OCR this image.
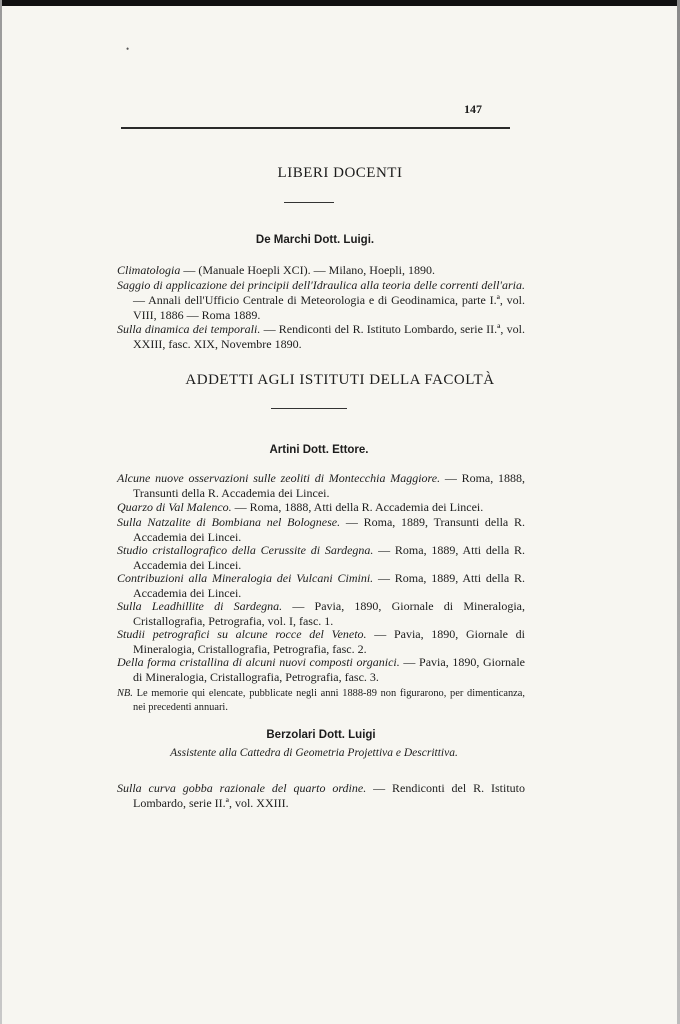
•
147
LIBERI DOCENTI
De Marchi Dott. Luigi.
Climatologia — (Manuale Hoepli XCI). — Milano, Hoepli, 1890.
Saggio di applicazione dei principii dell'Idraulica alla teoria delle correnti dell'aria. — Annali dell'Ufficio Centrale di Meteorologia e di Geodinamica, parte I.ª, vol. VIII, 1886 — Roma 1889.
Sulla dinamica dei temporali. — Rendiconti del R. Istituto Lombardo, serie II.ª, vol. XXIII, fasc. XIX, Novembre 1890.
ADDETTI AGLI ISTITUTI DELLA FACOLTÀ
Artini Dott. Ettore.
Alcune nuove osservazioni sulle zeoliti di Montecchia Maggiore. — Roma, 1888, Transunti della R. Accademia dei Lincei.
Quarzo di Val Malenco. — Roma, 1888, Atti della R. Accademia dei Lincei.
Sulla Natzalite di Bombiana nel Bolognese. — Roma, 1889, Transunti della R. Accademia dei Lincei.
Studio cristallografico della Cerussite di Sardegna. — Roma, 1889, Atti della R. Accademia dei Lincei.
Contribuzioni alla Mineralogia dei Vulcani Cimini. — Roma, 1889, Atti della R. Accademia dei Lincei.
Sulla Leadhillite di Sardegna. — Pavia, 1890, Giornale di Mineralogia, Cristallografia, Petrografia, vol. I, fasc. 1.
Studii petrografici su alcune rocce del Veneto. — Pavia, 1890, Giornale di Mineralogia, Cristallografia, Petrografia, fasc. 2.
Della forma cristallina di alcuni nuovi composti organici. — Pavia, 1890, Giornale di Mineralogia, Cristallografia, Petrografia, fasc. 3.
NB. Le memorie qui elencate, pubblicate negli anni 1888-89 non figurarono, per dimenticanza, nei precedenti annuari.
Berzolari Dott. Luigi
Assistente alla Cattedra di Geometria Projettiva e Descrittiva.
Sulla curva gobba razionale del quarto ordine. — Rendiconti del R. Istituto Lombardo, serie II.ª, vol. XXIII.
